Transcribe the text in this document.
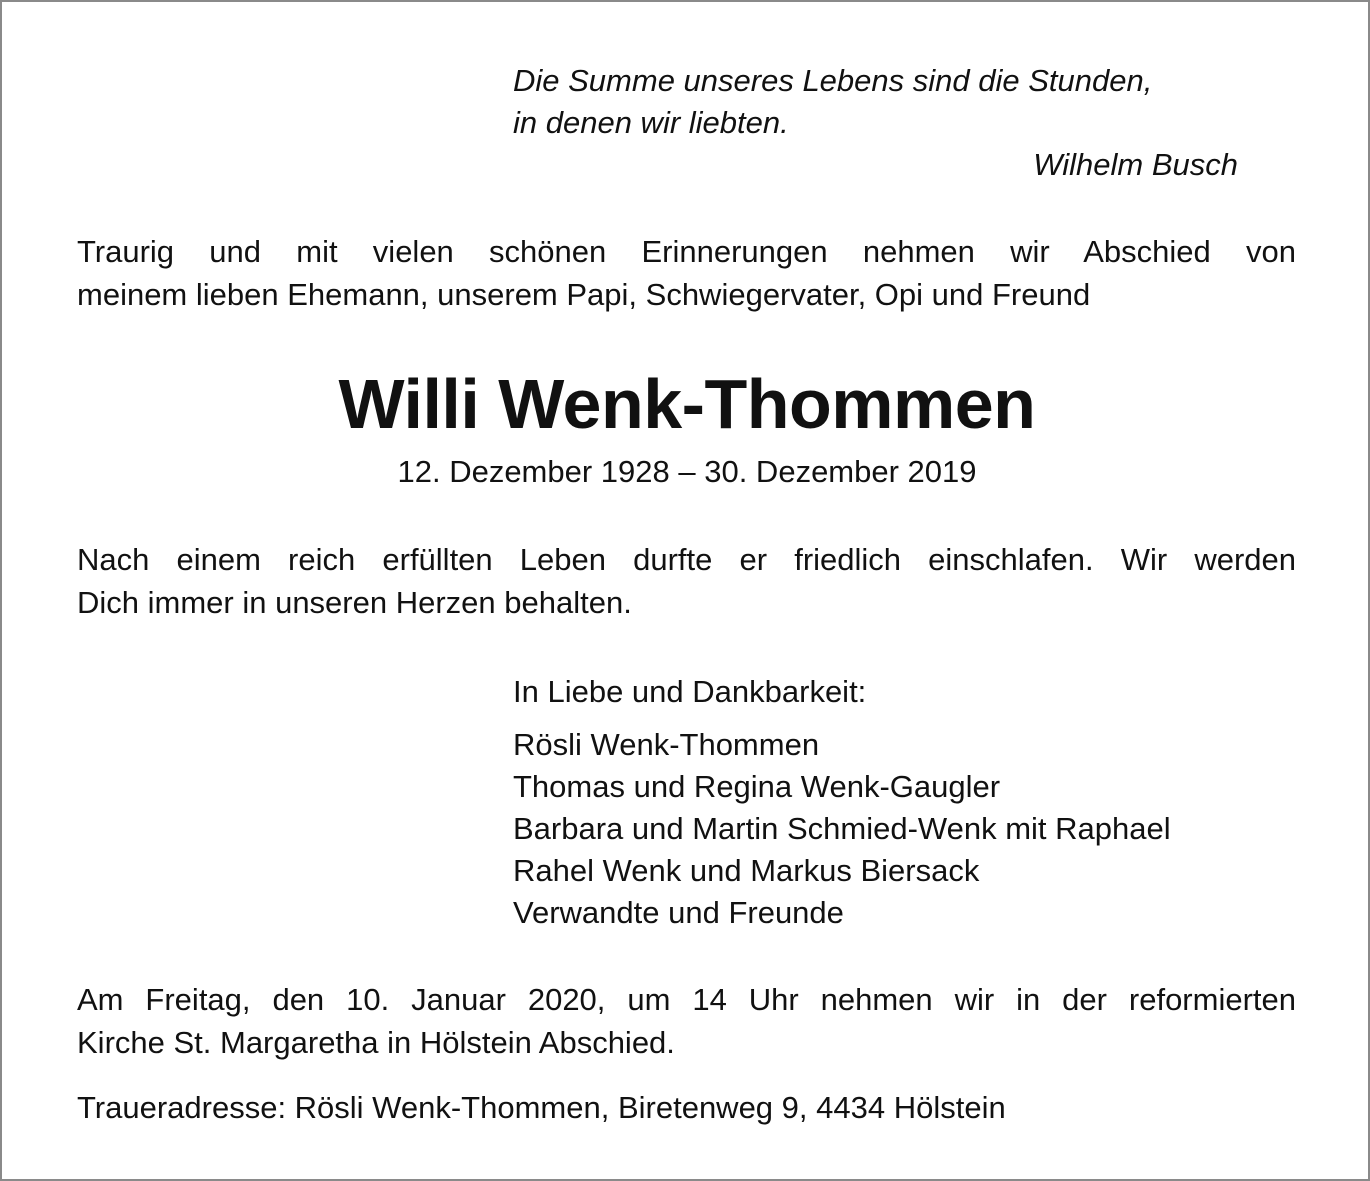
Die Summe unseres Lebens sind die Stunden,
in denen wir liebten.
Wilhelm Busch
Traurig und mit vielen schönen Erinnerungen nehmen wir Abschied von
meinem lieben Ehemann, unserem Papi, Schwiegervater, Opi und Freund
Willi Wenk-Thommen
12. Dezember 1928 – 30. Dezember 2019
Nach einem reich erfüllten Leben durfte er friedlich einschlafen. Wir werden
Dich immer in unseren Herzen behalten.
In Liebe und Dankbarkeit:
Rösli Wenk-Thommen
Thomas und Regina Wenk-Gaugler
Barbara und Martin Schmied-Wenk mit Raphael
Rahel Wenk und Markus Biersack
Verwandte und Freunde
Am Freitag, den 10. Januar 2020, um 14 Uhr nehmen wir in der reformierten
Kirche St. Margaretha in Hölstein Abschied.
Traueradresse: Rösli Wenk-Thommen, Biretenweg 9, 4434 Hölstein
